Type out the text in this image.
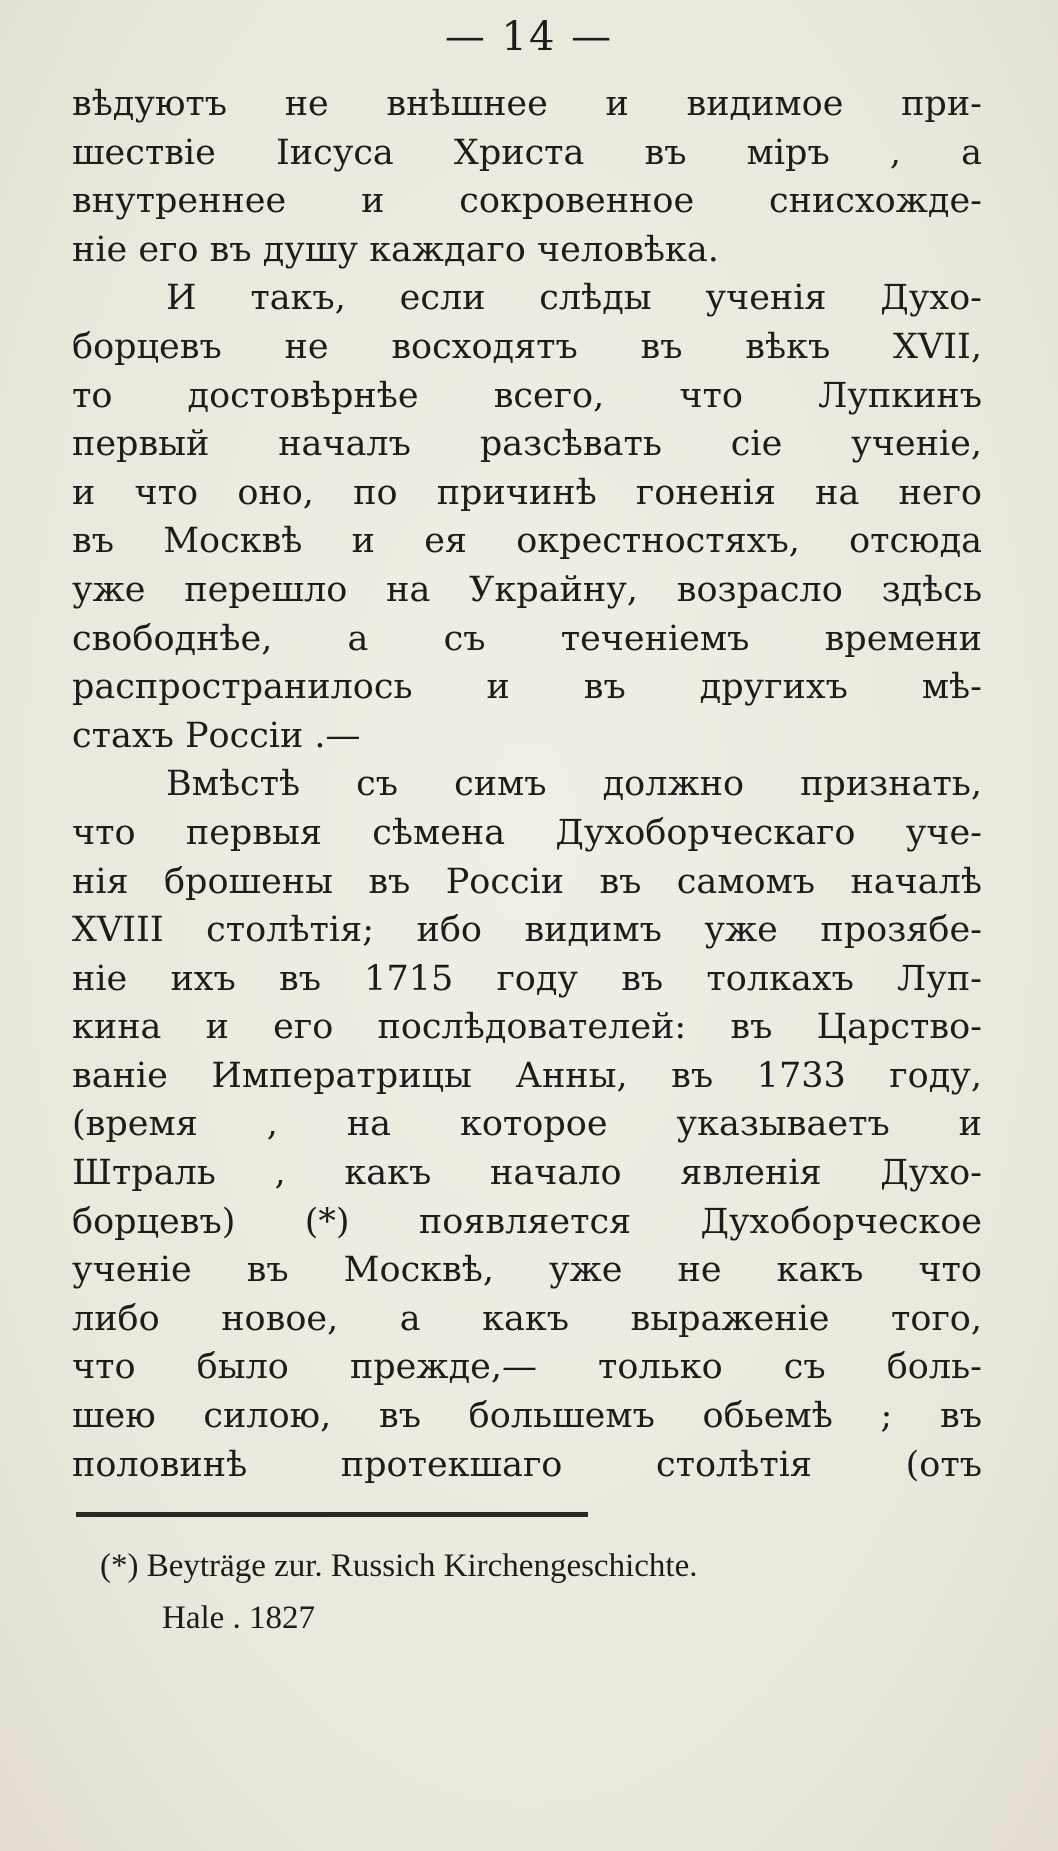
— 14 —
вѣдуютъ не внѣшнее и видимое при-
шествіе Іисуса Христа въ міръ , а
внутреннее и сокровенное снисхожде-
ніе его въ душу каждаго человѣка.
И такъ, если слѣды ученія Духо-
борцевъ не восходятъ въ вѣкъ XVII,
то достовѣрнѣе всего, что Лупкинъ
первый началъ разсѣвать сіе ученіе,
и что оно, по причинѣ гоненія на него
въ Москвѣ и ея окрестностяхъ, отсюда
уже перешло на Украйну, возрасло здѣсь
свободнѣе, а съ теченіемъ времени
распространилось и въ другихъ мѣ-
стахъ Россіи .—
Вмѣстѣ съ симъ должно признать,
что первыя сѣмена Духоборческаго уче-
нія брошены въ Россіи въ самомъ началѣ
XVIII столѣтія; ибо видимъ уже прозябе-
ніе ихъ въ 1715 году въ толкахъ Луп-
кина и его послѣдователей: въ Царство-
ваніе Императрицы Анны, въ 1733 году,
(время , на которое указываетъ и
Штраль , какъ начало явленія Духо-
борцевъ) (*) появляется Духоборческое
ученіе въ Москвѣ, уже не какъ что
либо новое, а какъ выраженіе того,
что было прежде,— только съ боль-
шею силою, въ большемъ обьемѣ ; въ
половинѣ протекшаго столѣтія (отъ
(*) Beyträge zur. Russich Kirchengeschichte.
Hale . 1827
